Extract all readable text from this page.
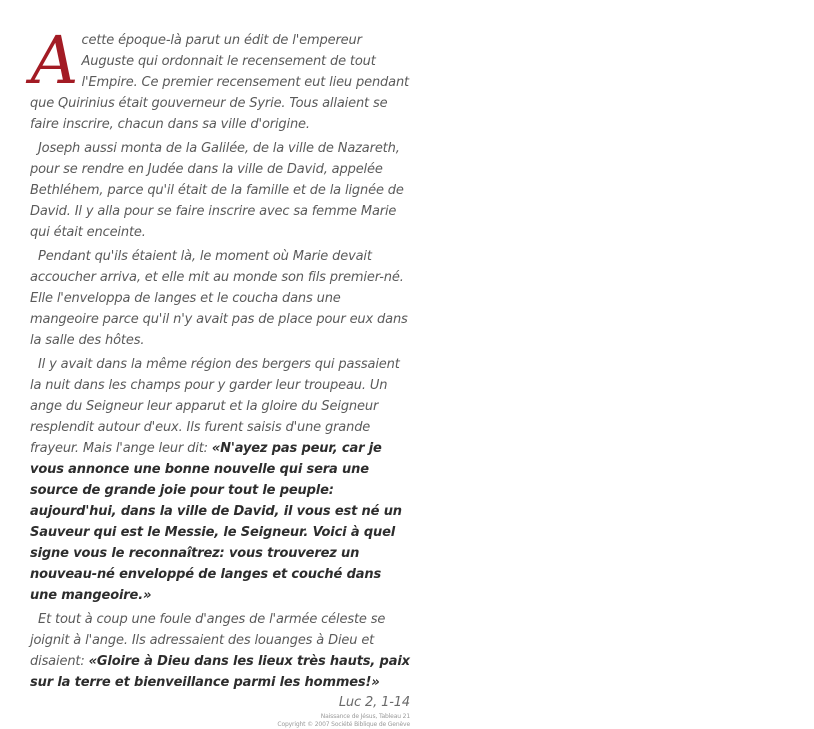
A
cette époque-là parut un édit de l'empereur Auguste qui ordonnait le recensement de tout l'Empire. Ce premier recensement eut lieu pendant que Quirinius était gouverneur de Syrie. Tous allaient se faire inscrire, chacun dans sa ville d'origine.

Joseph aussi monta de la Galilée, de la ville de Nazareth, pour se rendre en Judée dans la ville de David, appelée Bethléhem, parce qu'il était de la famille et de la lignée de David. Il y alla pour se faire inscrire avec sa femme Marie qui était enceinte.

Pendant qu'ils étaient là, le moment où Marie devait accoucher arriva, et elle mit au monde son fils premier-né. Elle l'enveloppa de langes et le coucha dans une mangeoire parce qu'il n'y avait pas de place pour eux dans la salle des hôtes.

Il y avait dans la même région des bergers qui passaient la nuit dans les champs pour y garder leur troupeau. Un ange du Seigneur leur apparut et la gloire du Seigneur resplendit autour d'eux. Ils furent saisis d'une grande frayeur. Mais l'ange leur dit: «N'ayez pas peur, car je vous annonce une bonne nouvelle qui sera une source de grande joie pour tout le peuple: aujourd'hui, dans la ville de David, il vous est né un Sauveur qui est le Messie, le Seigneur. Voici à quel signe vous le reconnaîtrez: vous trouverez un nouveau-né enveloppé de langes et couché dans une mangeoire.»

Et tout à coup une foule d'anges de l'armée céleste se joignit à l'ange. Ils adressaient des louanges à Dieu et disaient: «Gloire à Dieu dans les lieux très hauts, paix sur la terre et bienveillance parmi les hommes!»

Luc 2, 1-14
Naissance de Jésus, Tableau 21
Copyright © 2007 Société Biblique de Genève
